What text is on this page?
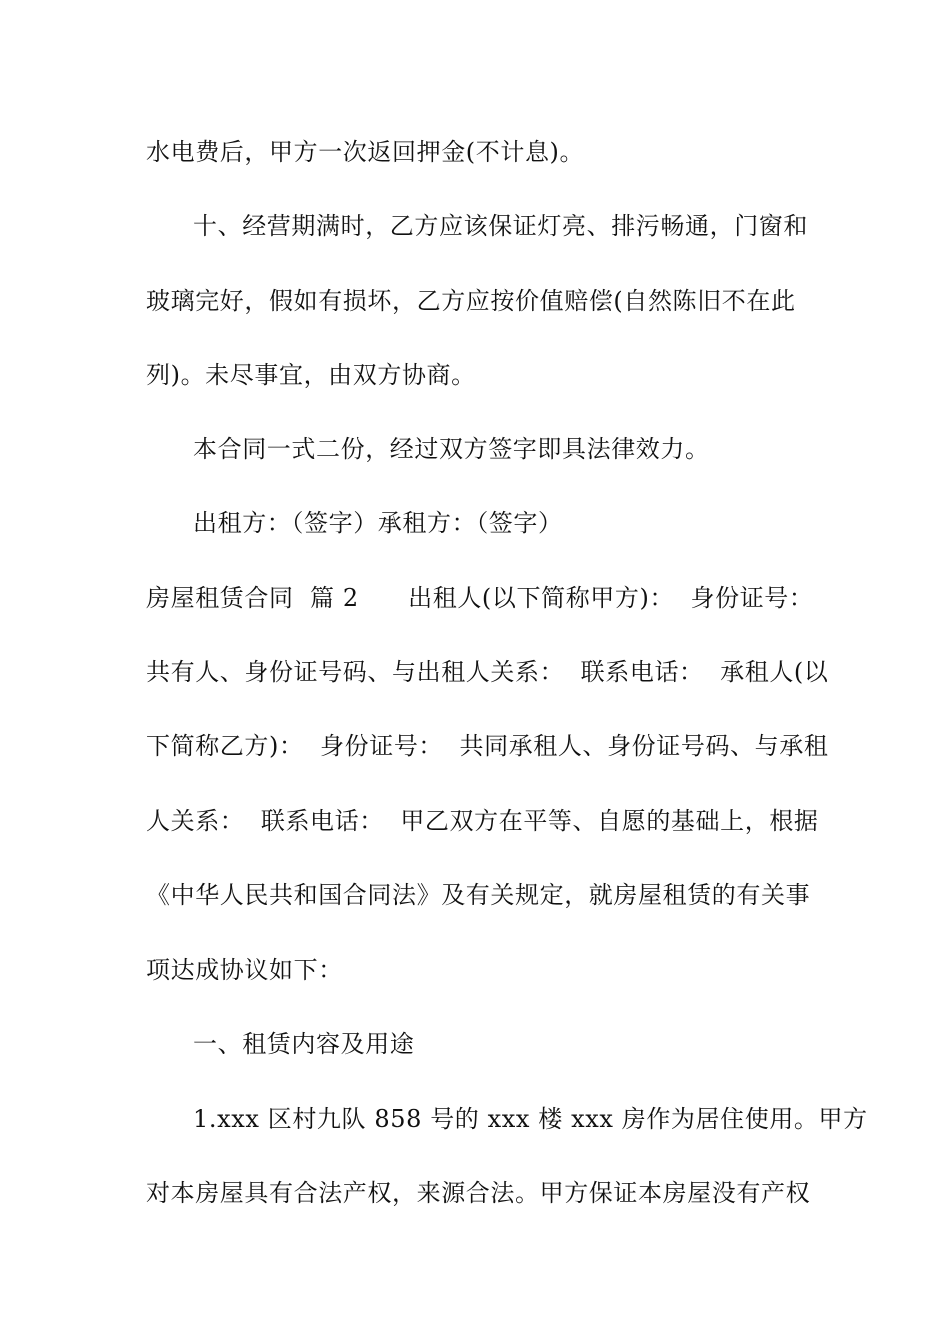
水电费后，甲方一次返回押金(不计息)。
十、经营期满时，乙方应该保证灯亮、排污畅通，门窗和
玻璃完好，假如有损坏，乙方应按价值赔偿(自然陈旧不在此
列)。未尽事宜，由双方协商。
本合同一式二份，经过双方签字即具法律效力。
出租方：（签字）承租方：（签字）
房屋租赁合同  篇 2      出租人(以下简称甲方)：  身份证号：
共有人、身份证号码、与出租人关系：  联系电话：  承租人(以
下简称乙方)：  身份证号：  共同承租人、身份证号码、与承租
人关系：  联系电话：  甲乙双方在平等、自愿的基础上，根据
《中华人民共和国合同法》及有关规定，就房屋租赁的有关事
项达成协议如下：
一、租赁内容及用途
1.xxx 区村九队 858 号的 xxx 楼 xxx 房作为居住使用。甲方
对本房屋具有合法产权，来源合法。甲方保证本房屋没有产权
